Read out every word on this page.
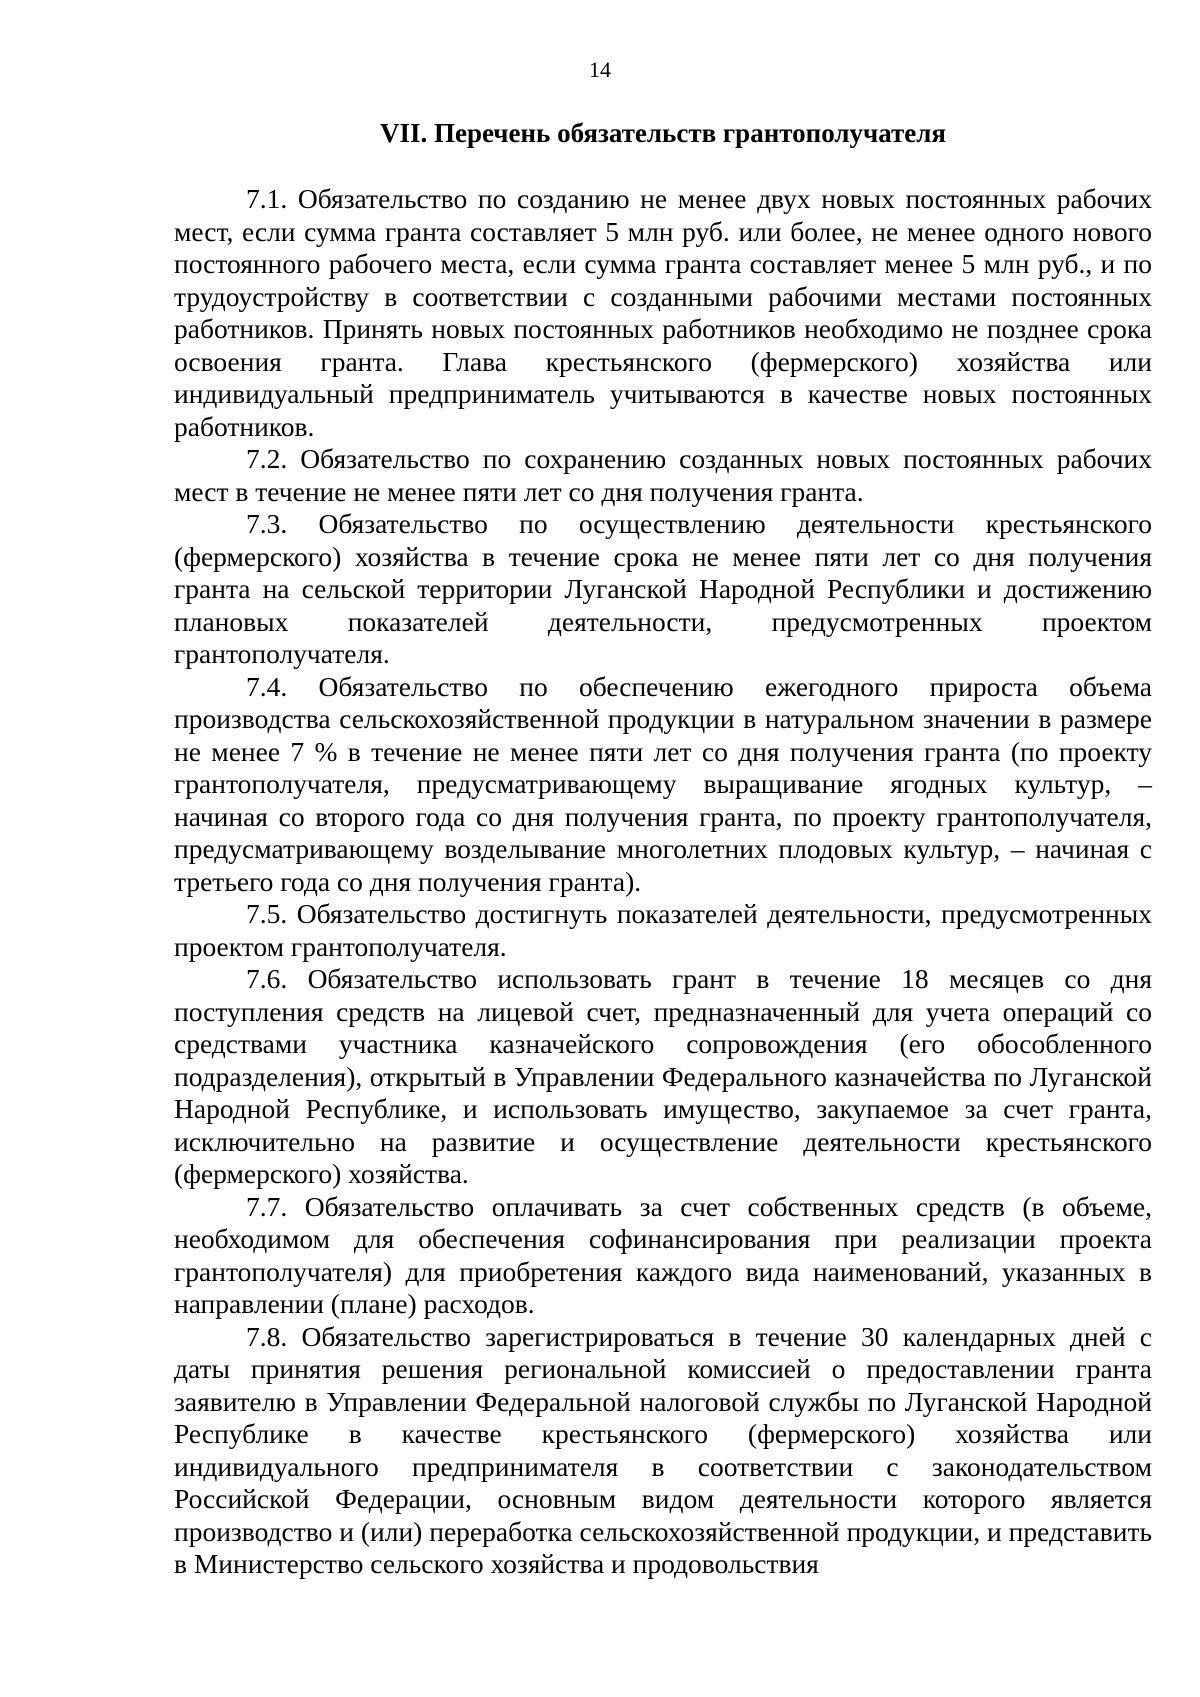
14

VII. Перечень обязательств грантополучателя

7.1. Обязательство по созданию не менее двух новых постоянных рабочих мест, если сумма гранта составляет 5 млн руб. или более, не менее одного нового постоянного рабочего места, если сумма гранта составляет менее 5 млн руб., и по трудоустройству в соответствии с созданными рабочими местами постоянных работников. Принять новых постоянных работников необходимо не позднее срока освоения гранта. Глава крестьянского (фермерского) хозяйства или индивидуальный предприниматель учитываются в качестве новых постоянных работников.

7.2. Обязательство по сохранению созданных новых постоянных рабочих мест в течение не менее пяти лет со дня получения гранта.

7.3. Обязательство по осуществлению деятельности крестьянского (фермерского) хозяйства в течение срока не менее пяти лет со дня получения гранта на сельской территории Луганской Народной Республики и достижению плановых показателей деятельности, предусмотренных проектом грантополучателя.

7.4. Обязательство по обеспечению ежегодного прироста объема производства сельскохозяйственной продукции в натуральном значении в размере не менее 7 % в течение не менее пяти лет со дня получения гранта (по проекту грантополучателя, предусматривающему выращивание ягодных культур, – начиная со второго года со дня получения гранта, по проекту грантополучателя, предусматривающему возделывание многолетних плодовых культур, – начиная с третьего года со дня получения гранта).

7.5. Обязательство достигнуть показателей деятельности, предусмотренных проектом грантополучателя.

7.6. Обязательство использовать грант в течение 18 месяцев со дня поступления средств на лицевой счет, предназначенный для учета операций со средствами участника казначейского сопровождения (его обособленного подразделения), открытый в Управлении Федерального казначейства по Луганской Народной Республике, и использовать имущество, закупаемое за счет гранта, исключительно на развитие и осуществление деятельности крестьянского (фермерского) хозяйства.

7.7. Обязательство оплачивать за счет собственных средств (в объеме, необходимом для обеспечения софинансирования при реализации проекта грантополучателя) для приобретения каждого вида наименований, указанных в направлении (плане) расходов.

7.8. Обязательство зарегистрироваться в течение 30 календарных дней с даты принятия решения региональной комиссией о предоставлении гранта заявителю в Управлении Федеральной налоговой службы по Луганской Народной Республике в качестве крестьянского (фермерского) хозяйства или индивидуального предпринимателя в соответствии с законодательством Российской Федерации, основным видом деятельности которого является производство и (или) переработка сельскохозяйственной продукции, и представить в Министерство сельского хозяйства и продовольствия
